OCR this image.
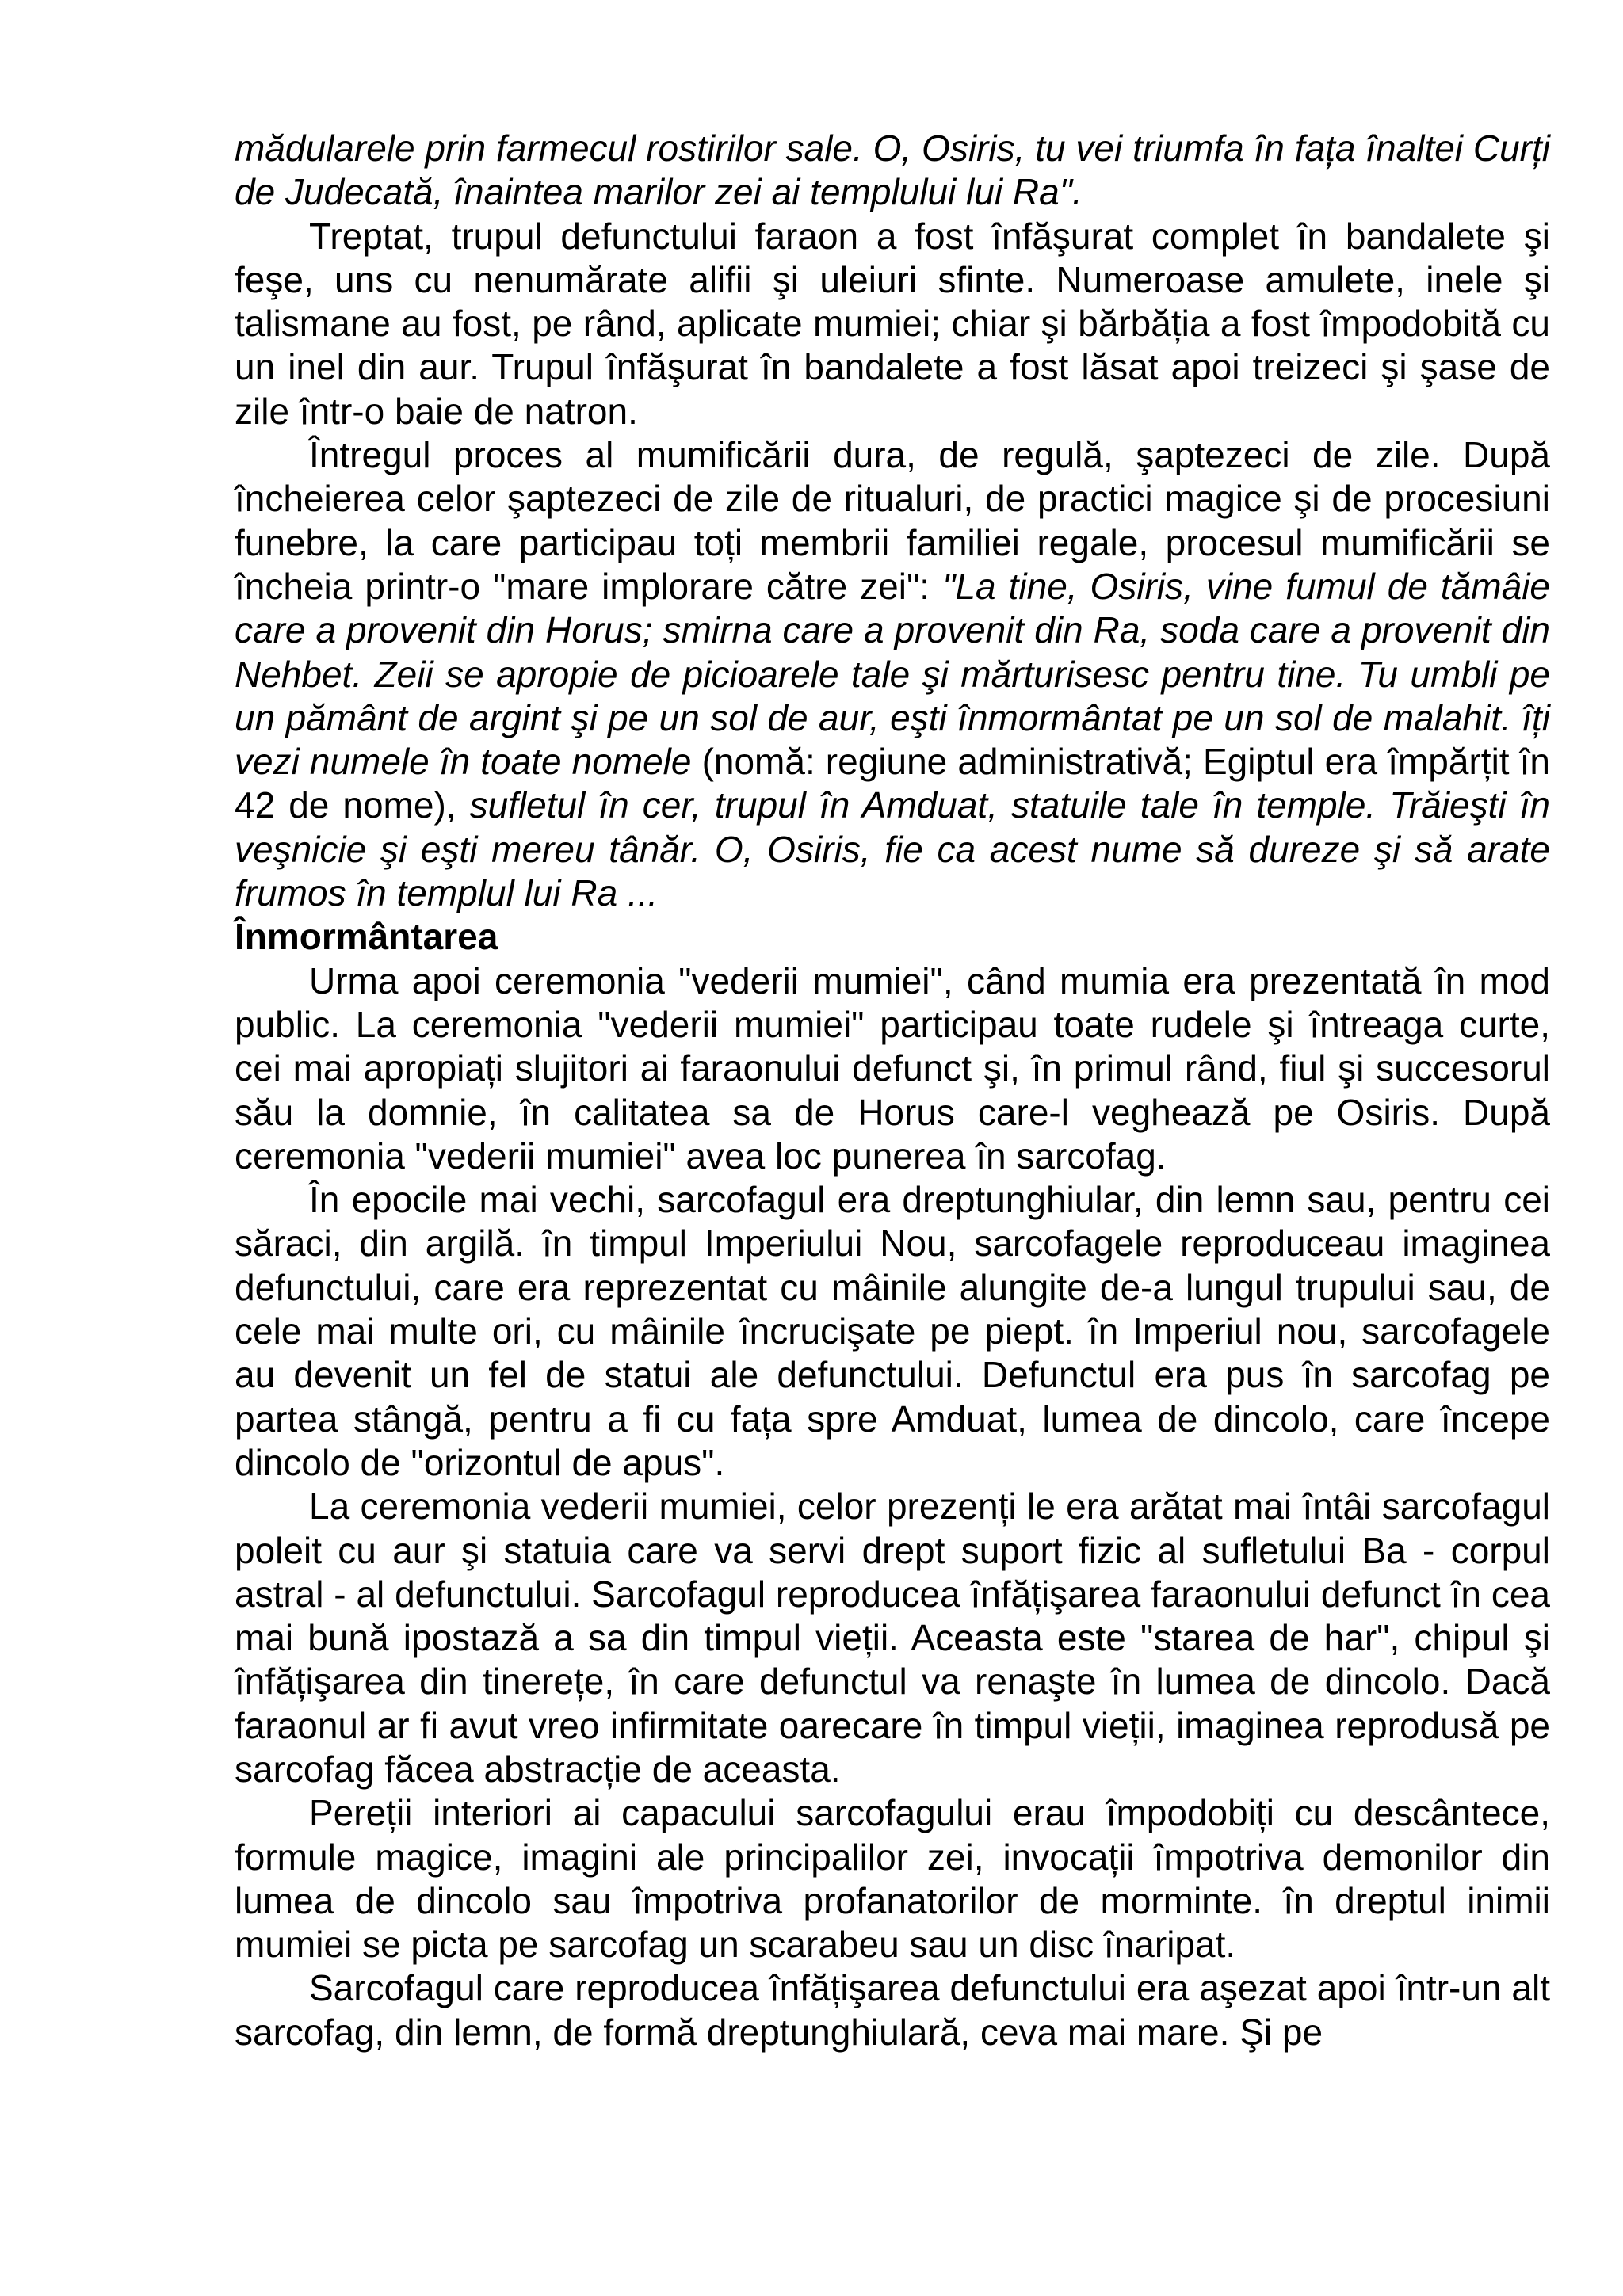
mădularele prin farmecul rostirilor sale. O, Osiris, tu vei triumfa în fața înaltei Curți de Judecată, înaintea marilor zei ai templului lui Ra".

Treptat, trupul defunctului faraon a fost înfăşurat complet în bandalete şi feşe, uns cu nenumărate alifii şi uleiuri sfinte. Numeroase amulete, inele şi talismane au fost, pe rând, aplicate mumiei; chiar şi bărbăția a fost împodobită cu un inel din aur. Trupul înfăşurat în bandalete a fost lăsat apoi treizeci şi şase de zile într-o baie de natron.

Întregul proces al mumificării dura, de regulă, şaptezeci de zile. După încheierea celor şaptezeci de zile de ritualuri, de practici magice şi de procesiuni funebre, la care participau toți membrii familiei regale, procesul mumificării se încheia printr-o "mare implorare către zei": "La tine, Osiris, vine fumul de tămâie care a provenit din Horus; smirna care a provenit din Ra, soda care a provenit din Nehbet. Zeii se apropie de picioarele tale şi mărturisesc pentru tine. Tu umbli pe un pământ de argint şi pe un sol de aur, eşti înmormântat pe un sol de malahit. îți vezi numele în toate nomele (nomă: regiune administrativă; Egiptul era împărțit în 42 de nome), sufletul în cer, trupul în Amduat, statuile tale în temple. Trăieşti în veşnicie şi eşti mereu tânăr. O, Osiris, fie ca acest nume să dureze şi să arate frumos în templul lui Ra ...

Înmormântarea

Urma apoi ceremonia "vederii mumiei", când mumia era prezentată în mod public. La ceremonia "vederii mumiei" participau toate rudele şi întreaga curte, cei mai apropiați slujitori ai faraonului defunct şi, în primul rând, fiul şi succesorul său la domnie, în calitatea sa de Horus care-l veghează pe Osiris. După ceremonia "vederii mumiei" avea loc punerea în sarcofag.

În epocile mai vechi, sarcofagul era dreptunghiular, din lemn sau, pentru cei săraci, din argilă. în timpul Imperiului Nou, sarcofagele reproduceau imaginea defunctului, care era reprezentat cu mâinile alungite de-a lungul trupului sau, de cele mai multe ori, cu mâinile încrucişate pe piept. în Imperiul nou, sarcofagele au devenit un fel de statui ale defunctului. Defunctul era pus în sarcofag pe partea stângă, pentru a fi cu fața spre Amduat, lumea de dincolo, care începe dincolo de "orizontul de apus".

La ceremonia vederii mumiei, celor prezenți le era arătat mai întâi sarcofagul poleit cu aur şi statuia care va servi drept suport fizic al sufletului Ba - corpul astral - al defunctului. Sarcofagul reproducea înfățişarea faraonului defunct în cea mai bună ipostază a sa din timpul vieții. Aceasta este "starea de har", chipul şi înfățişarea din tinerețe, în care defunctul va renaşte în lumea de dincolo. Dacă faraonul ar fi avut vreo infirmitate oarecare în timpul vieții, imaginea reprodusă pe sarcofag făcea abstracție de aceasta.

Pereții interiori ai capacului sarcofagului erau împodobiți cu descântece, formule magice, imagini ale principalilor zei, invocații împotriva demonilor din lumea de dincolo sau împotriva profanatorilor de morminte. în dreptul inimii mumiei se picta pe sarcofag un scarabeu sau un disc înaripat.

Sarcofagul care reproducea înfățişarea defunctului era aşezat apoi într-un alt sarcofag, din lemn, de formă dreptunghiulară, ceva mai mare. Şi pe
